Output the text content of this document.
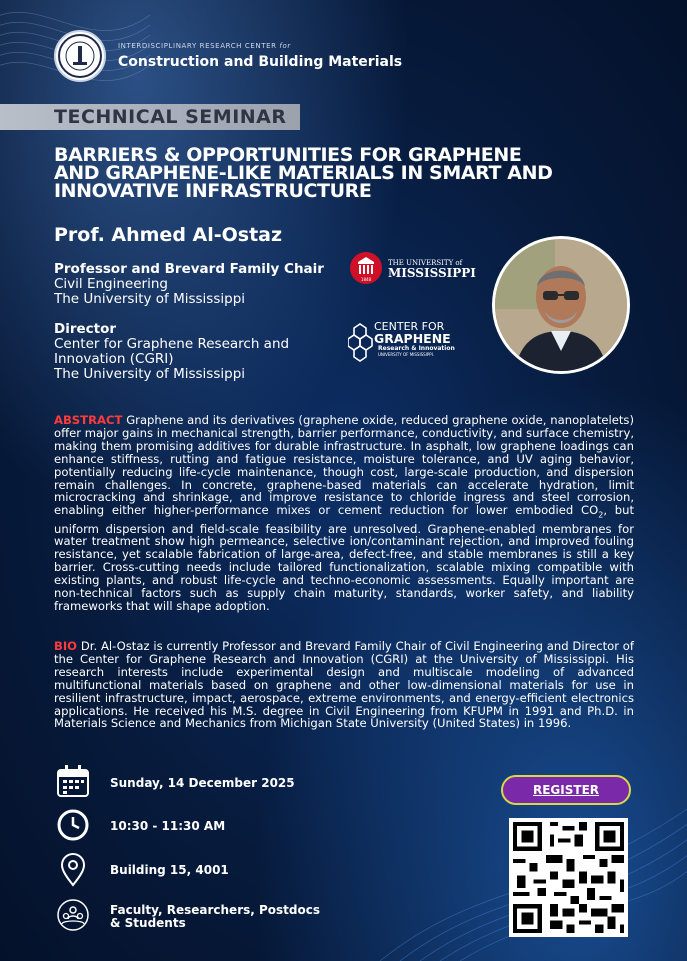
INTERDISCIPLINARY RESEARCH CENTER for
Construction and Building Materials
TECHNICAL SEMINAR
BARRIERS & OPPORTUNITIES FOR GRAPHENE
AND GRAPHENE-LIKE MATERIALS IN SMART AND
INNOVATIVE INFRASTRUCTURE
Prof. Ahmed Al-Ostaz
Professor and Brevard Family Chair
Civil Engineering
The University of Mississippi
Director
Center for Graphene Research and
Innovation (CGRI)
The University of Mississippi
1848
THE UNIVERSITY of
MISSISSIPPI
CENTER FOR
GRAPHENE
Research & Innovation
UNIVERSITY OF MISSISSIPPI.
ABSTRACT Graphene and its derivatives (graphene oxide, reduced graphene oxide, nanoplatelets) offer major gains in mechanical strength, barrier performance, conductivity, and surface chemistry, making them promising additives for durable infrastructure. In asphalt, low graphene loadings can enhance stiffness, rutting and fatigue resistance, moisture tolerance, and UV aging behavior, potentially reducing life-cycle maintenance, though cost, large-scale production, and dispersion remain challenges. In concrete, graphene-based materials can accelerate hydration, limit microcracking and shrinkage, and improve resistance to chloride ingress and steel corrosion, enabling either higher-performance mixes or cement reduction for lower embodied $CO_2$, but uniform dispersion and field-scale feasibility are unresolved. Graphene-enabled membranes for water treatment show high permeance, selective ion/contaminant rejection, and improved fouling resistance, yet scalable fabrication of large-area, defect-free, and stable membranes is still a key barrier. Cross-cutting needs include tailored functionalization, scalable mixing compatible with existing plants, and robust life-cycle and techno-economic assessments. Equally important are non-technical factors such as supply chain maturity, standards, worker safety, and liability frameworks that will shape adoption.
BIO Dr. Al-Ostaz is currently Professor and Brevard Family Chair of Civil Engineering and Director of the Center for Graphene Research and Innovation (CGRI) at the University of Mississippi. His research interests include experimental design and multiscale modeling of advanced multifunctional materials based on graphene and other low-dimensional materials for use in resilient infrastructure, impact, aerospace, extreme environments, and energy-efficient electronics applications. He received his M.S. degree in Civil Engineering from KFUPM in 1991 and Ph.D. in Materials Science and Mechanics from Michigan State University (United States) in 1996.
Sunday, 14 December 2025
10:30 - 11:30 AM
Building 15, 4001
Faculty, Researchers, Postdocs
& Students
REGISTER
